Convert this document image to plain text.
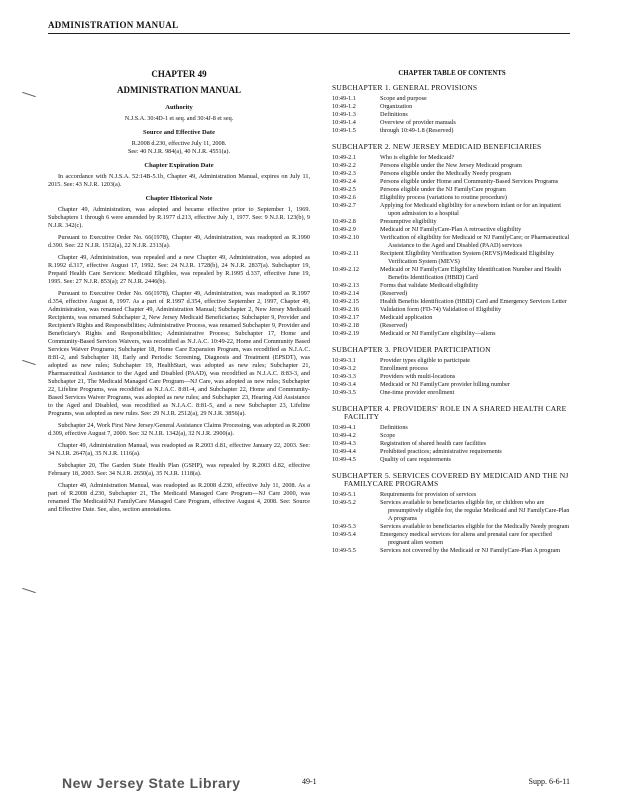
ADMINISTRATION MANUAL
CHAPTER 49
ADMINISTRATION MANUAL
Authority
N.J.S.A. 30:4D-1 et seq. and 30:4J-8 et seq.
Source and Effective Date
R.2008 d.230, effective July 11, 2008.
See: 40 N.J.R. 984(a), 40 N.J.R. 4551(a).
Chapter Expiration Date
In accordance with N.J.S.A. 52:14B-5.1b, Chapter 49, Administration Manual, expires on July 11, 2015. See: 43 N.J.R. 1203(a).
Chapter Historical Note
Chapter 49, Administration, was adopted and became effective prior to September 1, 1969. Subchapters 1 through 6 were amended by R.1977 d.213, effective July 1, 1977. See: 9 N.J.R. 123(b), 9 N.J.R. 342(c).
Pursuant to Executive Order No. 66(1978), Chapter 49, Administration, was readopted as R.1990 d.390. See: 22 N.J.R. 1512(a), 22 N.J.R. 2313(a).
Chapter 49, Administration, was repealed and a new Chapter 49, Administration, was adopted as R.1992 d.317, effective August 17, 1992. See: 24 N.J.R. 1728(b), 24 N.J.R. 2837(a). Subchapter 19, Prepaid Health Care Services: Medicaid Eligibles, was repealed by R.1995 d.337, effective June 19, 1995. See: 27 N.J.R. 853(a); 27 N.J.R. 2446(b).
Pursuant to Executive Order No. 66(1978), Chapter 49, Administration, was readopted as R.1997 d.354, effective August 8, 1997. As a part of R.1997 d.354, effective September 2, 1997, Chapter 49, Administration, was renamed Chapter 49, Administration Manual; Subchapter 2, New Jersey Medicaid Recipients, was renamed Subchapter 2, New Jersey Medicaid Beneficiaries; Subchapter 9, Provider and Recipient's Rights and Responsibilities; Administrative Process, was renamed Subchapter 9, Provider and Beneficiary's Rights and Responsibilities; Administrative Process; Subchapter 17, Home and Community-Based Services Waivers, was recodified as N.J.A.C. 10:49-22, Home and Community Based Services Waiver Programs; Subchapter 18, Home Care Expansion Program, was recodified as N.J.A.C. 8:81-2, and Subchapter 18, Early and Periodic Screening, Diagnosis and Treatment (EPSDT), was adopted as new rules; Subchapter 19, HealthStart, was adopted as new rules; Subchapter 21, Pharmaceutical Assistance to the Aged and Disabled (PAAD), was recodified as N.J.A.C. 8:83-3, and Subchapter 21, The Medicaid Managed Care Program—NJ Care, was adopted as new rules; Subchapter 22, Lifeline Programs, was recodified as N.J.A.C. 8:81-4, and Subchapter 22, Home and Community-Based Services Waiver Programs, was adopted as new rules; and Subchapter 23, Hearing Aid Assistance to the Aged and Disabled, was recodified as N.J.A.C. 8:81-5, and a new Subchapter 23, Lifeline Programs, was adopted as new rules. See: 29 N.J.R. 2512(a), 29 N.J.R. 3856(a).
Subchapter 24, Work First New Jersey/General Assistance Claims Processing, was adopted as R.2000 d.309, effective August 7, 2000. See: 32 N.J.R. 1342(a), 32 N.J.R. 2900(a).
Chapter 49, Administration Manual, was readopted as R.2003 d.81, effective January 22, 2003. See: 34 N.J.R. 2647(a), 35 N.J.R. 1116(a).
Subchapter 20, The Garden State Health Plan (GSHP), was repealed by R.2003 d.82, effective February 18, 2003. See: 34 N.J.R. 2650(a), 35 N.J.R. 1118(a).
Chapter 49, Administration Manual, was readopted as R.2008 d.230, effective July 11, 2008. As a part of R.2008 d.230, Subchapter 21, The Medicaid Managed Care Program—NJ Care 2000, was renamed The Medicaid/NJ FamilyCare Managed Care Program, effective August 4, 2008. See: Source and Effective Date. See, also, section annotations.
CHAPTER TABLE OF CONTENTS
SUBCHAPTER 1. GENERAL PROVISIONS
10:49-1.1	Scope and purpose
10:49-1.2	Organization
10:49-1.3	Definitions
10:49-1.4	Overview of provider manuals
10:49-1.5	through 10:49-1.8 (Reserved)
SUBCHAPTER 2. NEW JERSEY MEDICAID BENEFICIARIES
10:49-2.1	Who is eligible for Medicaid?
10:49-2.2	Persons eligible under the New Jersey Medicaid program
10:49-2.3	Persons eligible under the Medically Needy program
10:49-2.4	Persons eligible under Home and Community-Based Services Programs
10:49-2.5	Persons eligible under the NJ FamilyCare program
10:49-2.6	Eligibility process (variations to routine procedure)
10:49-2.7	Applying for Medicaid eligibility for a newborn infant or for an inpatient upon admission to a hospital
10:49-2.8	Presumptive eligibility
10:49-2.9	Medicaid or NJ FamilyCare-Plan A retroactive eligibility
10:49-2.10	Verification of eligibility for Medicaid or NJ FamilyCare; or Pharmaceutical Assistance to the Aged and Disabled (PAAD) services
10:49-2.11	Recipient Eligibility Verification System (REVS)/Medicaid Eligibility Verification System (MEVS)
10:49-2.12	Medicaid or NJ FamilyCare Eligibility Identification Number and Health Benefits Identification (HBID) Card
10:49-2.13	Forms that validate Medicaid eligibility
10:49-2.14	(Reserved)
10:49-2.15	Health Benefits Identification (HBID) Card and Emergency Services Letter
10:49-2.16	Validation form (FD-74) Validation of Eligibility
10:49-2.17	Medicaid application
10:49-2.18	(Reserved)
10:49-2.19	Medicaid or NJ FamilyCare eligibility—aliens
SUBCHAPTER 3. PROVIDER PARTICIPATION
10:49-3.1	Provider types eligible to participate
10:49-3.2	Enrollment process
10:49-3.3	Providers with multi-locations
10:49-3.4	Medicaid or NJ FamilyCare provider billing number
10:49-3.5	One-time provider enrollment
SUBCHAPTER 4. PROVIDERS' ROLE IN A SHARED HEALTH CARE FACILITY
10:49-4.1	Definitions
10:49-4.2	Scope
10:49-4.3	Registration of shared health care facilities
10:49-4.4	Prohibited practices; administrative requirements
10:49-4.5	Quality of care requirements
SUBCHAPTER 5. SERVICES COVERED BY MEDICAID AND THE NJ FAMILYCARE PROGRAMS
10:49-5.1	Requirements for provision of services
10:49-5.2	Services available to beneficiaries eligible for, or children who are presumptively eligible for, the regular Medicaid and NJ FamilyCare-Plan A programs
10:49-5.3	Services available to beneficiaries eligible for the Medically Needy program
10:49-5.4	Emergency medical services for aliens and prenatal care for specified pregnant alien women
10:49-5.5	Services not covered by the Medicaid or NJ FamilyCare-Plan A program
New Jersey State Library	49-1	Supp. 6-6-11
